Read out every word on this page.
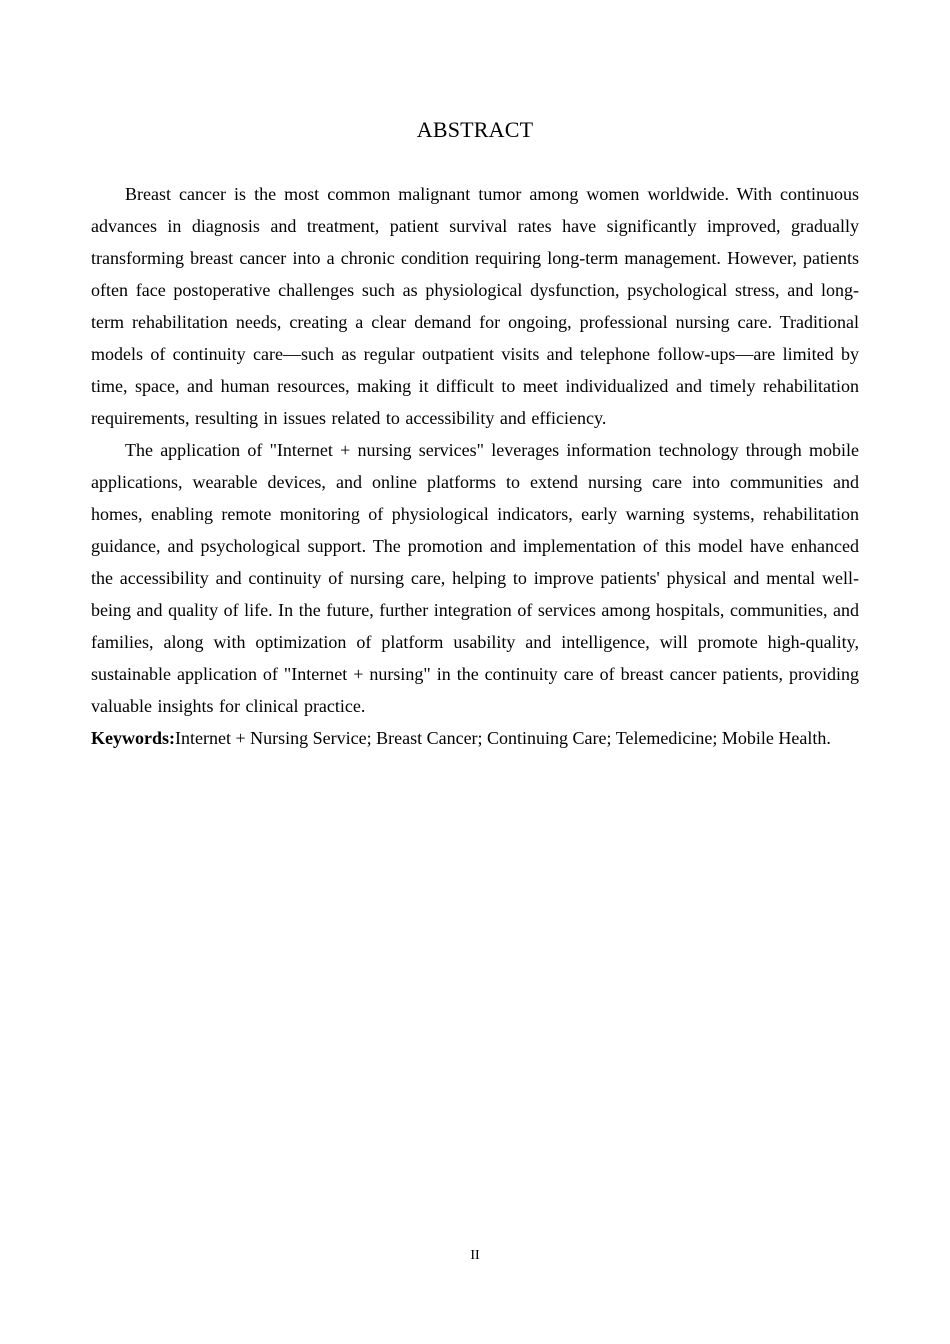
ABSTRACT

Breast cancer is the most common malignant tumor among women worldwide. With continuous advances in diagnosis and treatment, patient survival rates have significantly improved, gradually transforming breast cancer into a chronic condition requiring long-term management. However, patients often face postoperative challenges such as physiological dysfunction, psychological stress, and long-term rehabilitation needs, creating a clear demand for ongoing, professional nursing care. Traditional models of continuity care—such as regular outpatient visits and telephone follow-ups—are limited by time, space, and human resources, making it difficult to meet individualized and timely rehabilitation requirements, resulting in issues related to accessibility and efficiency.

The application of "Internet + nursing services" leverages information technology through mobile applications, wearable devices, and online platforms to extend nursing care into communities and homes, enabling remote monitoring of physiological indicators, early warning systems, rehabilitation guidance, and psychological support. The promotion and implementation of this model have enhanced the accessibility and continuity of nursing care, helping to improve patients' physical and mental well-being and quality of life. In the future, further integration of services among hospitals, communities, and families, along with optimization of platform usability and intelligence, will promote high-quality, sustainable application of "Internet + nursing" in the continuity care of breast cancer patients, providing valuable insights for clinical practice.

Keywords:Internet + Nursing Service; Breast Cancer; Continuing Care; Telemedicine; Mobile Health.

II
